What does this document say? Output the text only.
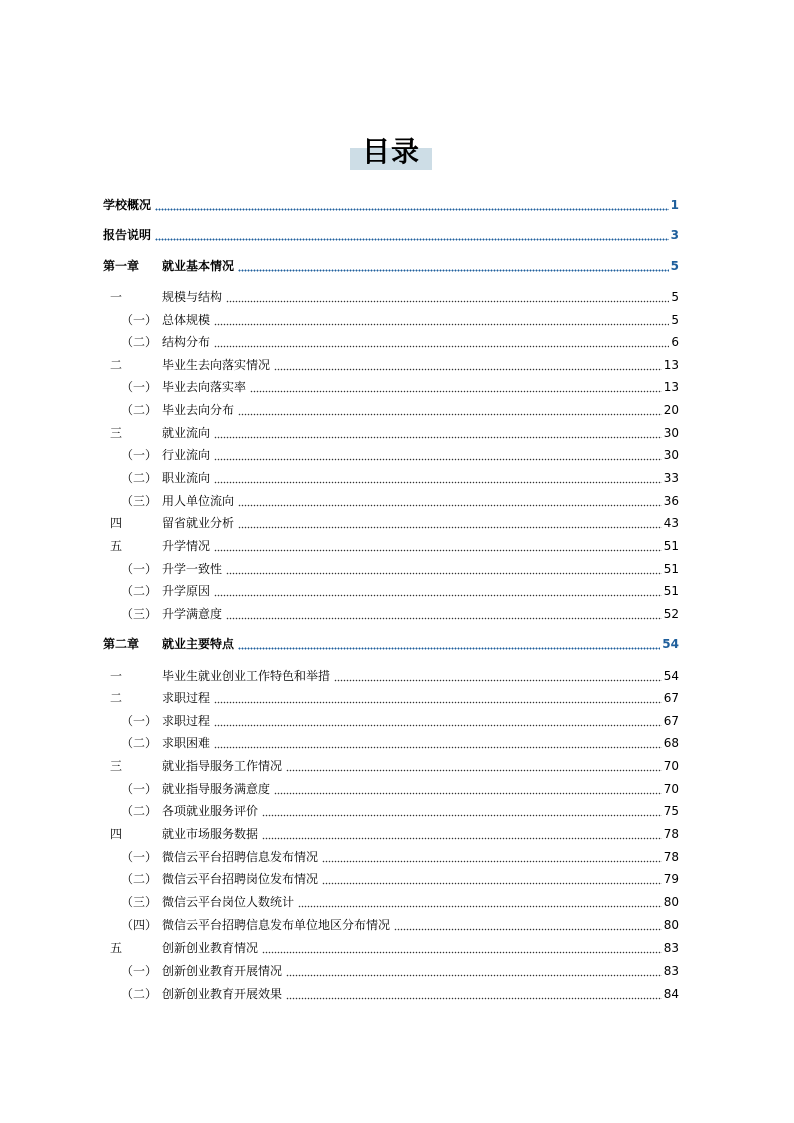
目录
学校概况	1
报告说明	3
第一章 就业基本情况	5
一	规模与结构	5
（一） 总体规模	5
（二） 结构分布	6
二	毕业生去向落实情况	13
（一） 毕业去向落实率	13
（二） 毕业去向分布	20
三	就业流向	30
（一） 行业流向	30
（二） 职业流向	33
（三） 用人单位流向	36
四	留省就业分析	43
五	升学情况	51
（一） 升学一致性	51
（二） 升学原因	51
（三） 升学满意度	52
第二章 就业主要特点	54
一	毕业生就业创业工作特色和举措	54
二	求职过程	67
（一） 求职过程	67
（二） 求职困难	68
三	就业指导服务工作情况	70
（一） 就业指导服务满意度	70
（二） 各项就业服务评价	75
四	就业市场服务数据	78
（一） 微信云平台招聘信息发布情况	78
（二） 微信云平台招聘岗位发布情况	79
（三） 微信云平台岗位人数统计	80
（四） 微信云平台招聘信息发布单位地区分布情况	80
五	创新创业教育情况	83
（一） 创新创业教育开展情况	83
（二） 创新创业教育开展效果	84
